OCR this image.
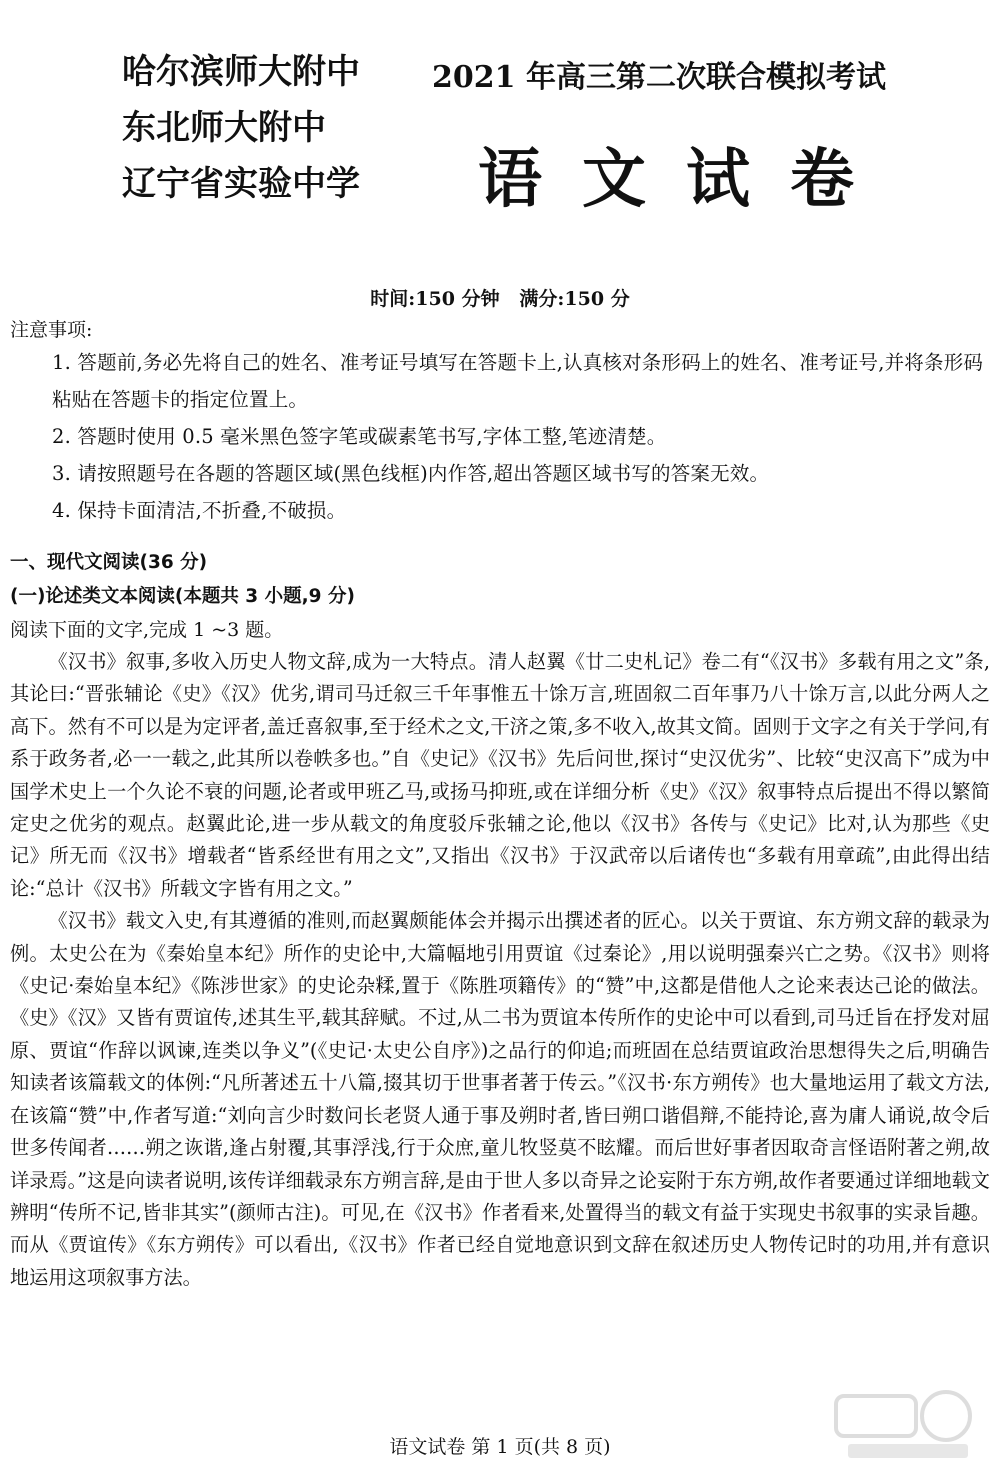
哈尔滨师大附中
东北师大附中
辽宁省实验中学
2021 年高三第二次联合模拟考试
语文试卷
时间:150 分钟   满分:150 分
注意事项:
1. 答题前,务必先将自己的姓名、准考证号填写在答题卡上,认真核对条形码上的姓名、准考证号,并将条形码粘贴在答题卡的指定位置上。
2. 答题时使用 0.5 毫米黑色签字笔或碳素笔书写,字体工整,笔迹清楚。
3. 请按照题号在各题的答题区域(黑色线框)内作答,超出答题区域书写的答案无效。
4. 保持卡面清洁,不折叠,不破损。
一、现代文阅读(36 分)
(一)论述类文本阅读(本题共 3 小题,9 分)
阅读下面的文字,完成 1 ~3 题。

《汉书》叙事,多收入历史人物文辞,成为一大特点。清人赵翼《廿二史札记》卷二有“《汉书》多载有用之文”条,其论曰:“晋张辅论《史》《汉》优劣,谓司马迁叙三千年事惟五十馀万言,班固叙二百年事乃八十馀万言,以此分两人之高下。然有不可以是为定评者,盖迁喜叙事,至于经术之文,干济之策,多不收入,故其文简。固则于文字之有关于学问,有系于政务者,必一一载之,此其所以卷帙多也。”自《史记》《汉书》先后问世,探讨“史汉优劣”、比较“史汉高下”成为中国学术史上一个久论不衰的问题,论者或甲班乙马,或扬马抑班,或在详细分析《史》《汉》叙事特点后提出不得以繁简定史之优劣的观点。赵翼此论,进一步从载文的角度驳斥张辅之论,他以《汉书》各传与《史记》比对,认为那些《史记》所无而《汉书》增载者“皆系经世有用之文”,又指出《汉书》于汉武帝以后诸传也“多载有用章疏”,由此得出结论:“总计《汉书》所载文字皆有用之文。”

《汉书》载文入史,有其遵循的准则,而赵翼颇能体会并揭示出撰述者的匠心。以关于贾谊、东方朔文辞的载录为例。太史公在为《秦始皇本纪》所作的史论中,大篇幅地引用贾谊《过秦论》,用以说明强秦兴亡之势。《汉书》则将《史记·秦始皇本纪》《陈涉世家》的史论杂糅,置于《陈胜项籍传》的“赞”中,这都是借他人之论来表达己论的做法。《史》《汉》又皆有贾谊传,述其生平,载其辞赋。不过,从二书为贾谊本传所作的史论中可以看到,司马迁旨在抒发对屈原、贾谊“作辞以讽谏,连类以争义”(《史记·太史公自序》)之品行的仰追;而班固在总结贾谊政治思想得失之后,明确告知读者该篇载文的体例:“凡所著述五十八篇,掇其切于世事者著于传云。”《汉书·东方朔传》也大量地运用了载文方法,在该篇“赞”中,作者写道:“刘向言少时数问长老贤人通于事及朔时者,皆曰朔口谐倡辩,不能持论,喜为庸人诵说,故令后世多传闻者……朔之诙谐,逢占射覆,其事浮浅,行于众庶,童儿牧竖莫不眩耀。而后世好事者因取奇言怪语附著之朔,故详录焉。”这是向读者说明,该传详细载录东方朔言辞,是由于世人多以奇异之论妄附于东方朔,故作者要通过详细地载文辨明“传所不记,皆非其实”(颜师古注)。可见,在《汉书》作者看来,处置得当的载文有益于实现史书叙事的实录旨趣。而从《贾谊传》《东方朔传》可以看出,《汉书》作者已经自觉地意识到文辞在叙述历史人物传记时的功用,并有意识地运用这项叙事方法。

语文试卷 第 1 页(共 8 页)
